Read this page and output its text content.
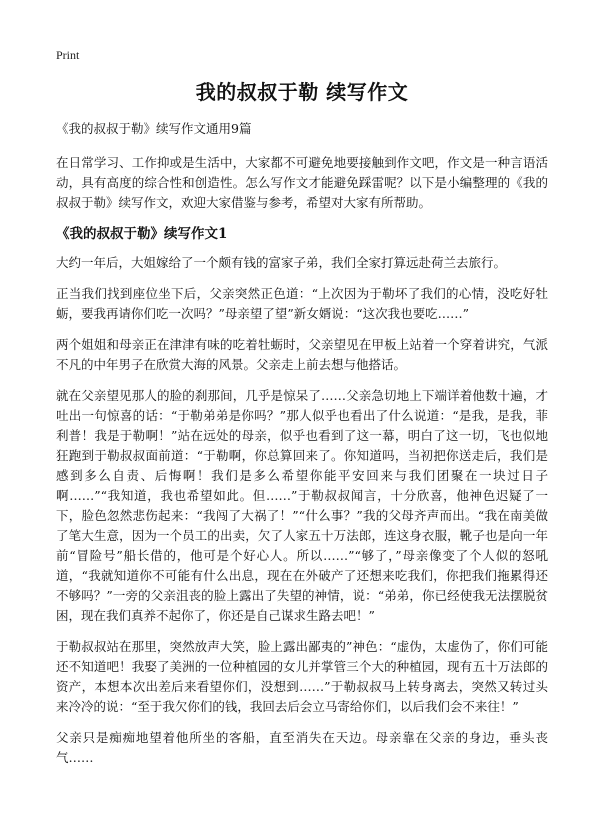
Print
我的叔叔于勒 续写作文
《我的叔叔于勒》续写作文通用9篇

在日常学习、工作抑或是生活中，大家都不可避免地要接触到作文吧，作文是一种言语活动，具有高度的综合性和创造性。怎么写作文才能避免踩雷呢？以下是小编整理的《我的叔叔于勒》续写作文，欢迎大家借鉴与参考，希望对大家有所帮助。

《我的叔叔于勒》续写作文1

大约一年后，大姐嫁给了一个颇有钱的富家子弟，我们全家打算远赴荷兰去旅行。

正当我们找到座位坐下后，父亲突然正色道：“上次因为于勒坏了我们的心情，没吃好牡蛎，要我再请你们吃一次吗？”母亲望了望”新女婿说：“这次我也要吃……”

两个姐姐和母亲正在津津有味的吃着牡蛎时，父亲望见在甲板上站着一个穿着讲究，气派不凡的中年男子在欣赏大海的风景。父亲走上前去想与他搭话。

就在父亲望见那人的脸的刹那间，几乎是惊呆了……父亲急切地上下端详着他数十遍，才吐出一句惊喜的话：“于勒弟弟是你吗？”那人似乎也看出了什么说道：“是我，是我，菲利普！我是于勒啊！”站在远处的母亲，似乎也看到了这一幕，明白了这一切，飞也似地狂跑到于勒叔叔面前道：“于勒啊，你总算回来了。你知道吗，当初把你送走后，我们是感到多么自责、后悔啊！我们是多么希望你能平安回来与我们团聚在一块过日子啊……”“我知道，我也希望如此。但……”于勒叔叔闻言，十分欣喜，他神色迟疑了一下，脸色忽然悲伤起来：“我闯了大祸了！”“什么事？”我的父母齐声而出。“我在南美做了笔大生意，因为一个员工的出卖，欠了人家五十万法郎，连这身衣服，靴子也是向一年前“冒险号”船长借的，他可是个好心人。所以……”“够了，”母亲像变了个人似的怒吼道，“我就知道你不可能有什么出息，现在在外破产了还想来吃我们，你把我们拖累得还不够吗？”一旁的父亲沮丧的脸上露出了失望的神情，说：“弟弟，你已经使我无法摆脱贫困，现在我们真养不起你了，你还是自己谋求生路去吧！”

于勒叔叔站在那里，突然放声大笑，脸上露出鄙夷的”神色：“虚伪，太虚伪了，你们可能还不知道吧！我娶了美洲的一位种植园的女儿并掌管三个大的种植园，现有五十万法郎的资产，本想本次出差后来看望你们，没想到……”于勒叔叔马上转身离去，突然又转过头来冷冷的说：“至于我欠你们的钱，我回去后会立马寄给你们，以后我们会不来往！”

父亲只是痴痴地望着他所坐的客船，直至消失在天边。母亲靠在父亲的身边，垂头丧气……
